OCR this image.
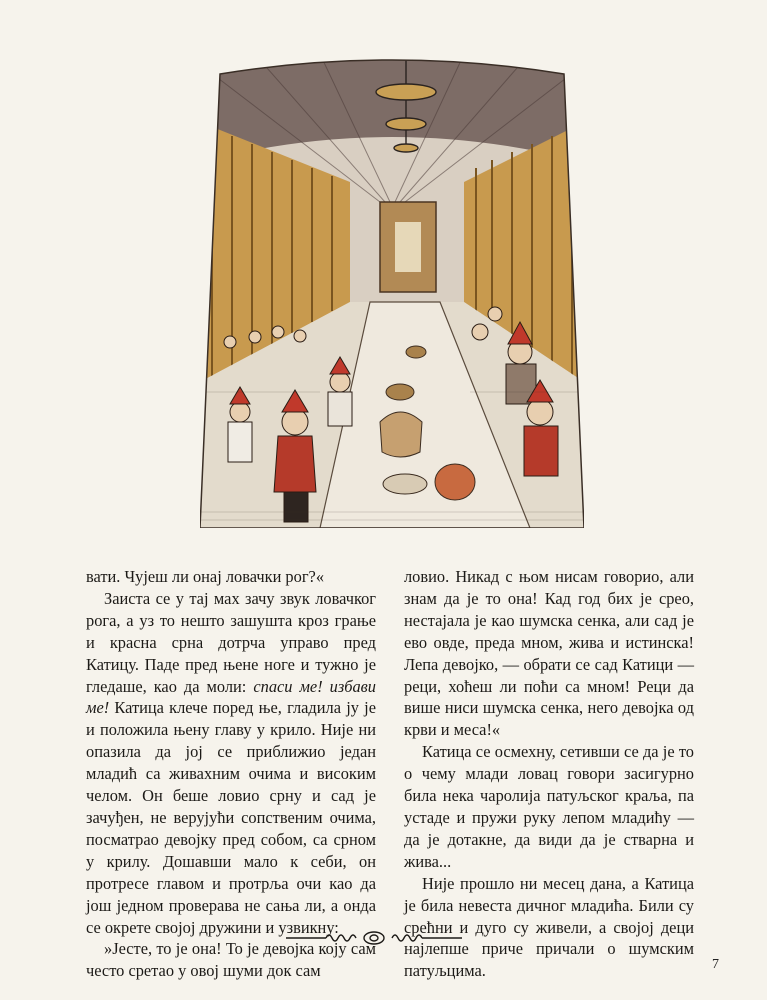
вати. Чујеш ли онај ловачки рог?«

Заиста се у тај мах зачу звук ловачког рога, а уз то нешто зашушта кроз грање и красна срна дотрча управо пред Катицу. Паде пред њене ноге и тужно је гледаше, као да моли: спаси ме! избави ме! Катица клече поред ње, гладила ју је и положила њену главу у крило. Није ни опазила да јој се приближио један младић са живахним очима и високим челом. Он беше ловио срну и сад је зачуђен, не верујући сопственим очима, посматрао девојку пред собом, са срном у крилу. Дошавши мало к себи, он протресе главом и протрља очи као да још једном проверава не сања ли, а онда се окрете својој дружини и узвикну:

»Јесте, то је она! То је девојка коју сам често сретао у овој шуми док сам

ловио. Никад с њом нисам говорио, али знам да је то она! Кад год бих је срео, нестајала је као шумска сенка, али сад је ево овде, преда мном, жива и истинска! Лепа девојко, — обрати се сад Катици — реци, хоћеш ли поћи са мном! Реци да више ниси шумска сенка, него девојка од крви и меса!«

Катица се осмехну, сетивши се да је то о чему млади ловац говори засигурно била нека чаролија патуљског краља, па устаде и пружи руку лепом младићу — да је дотакне, да види да је стварна и жива...

Није прошло ни месец дана, а Катица је била невеста дичног младића. Били су срећни и дуго су живели, а својој деци најлепше приче причали о шумским патуљцима.	7
